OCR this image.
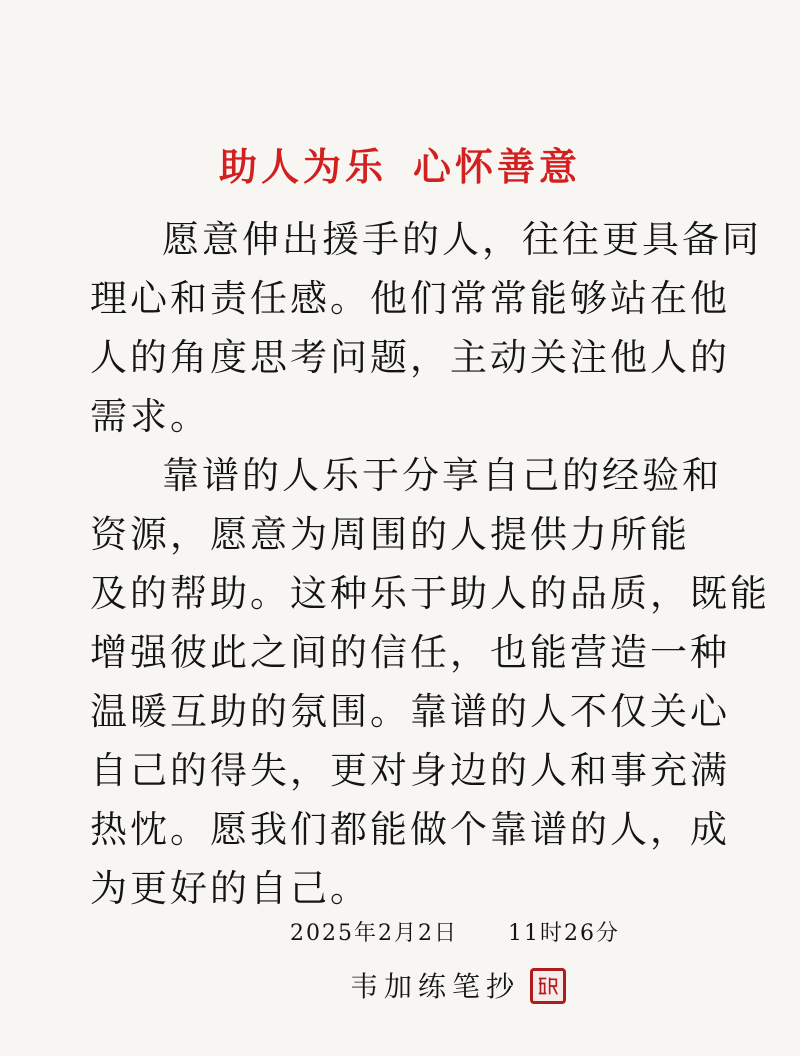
助人为乐 心怀善意
愿意伸出援手的人，往往更具备同
理心和责任感。他们常常能够站在他
人的角度思考问题，主动关注他人的
需求。
靠谱的人乐于分享自己的经验和
资源，愿意为周围的人提供力所能
及的帮助。这种乐于助人的品质，既能
增强彼此之间的信任，也能营造一种
温暖互助的氛围。靠谱的人不仅关心
自己的得失，更对身边的人和事充满
热忱。愿我们都能做个靠谱的人，成
为更好的自己。
2025年2月2日 11时26分
韦加练笔抄
